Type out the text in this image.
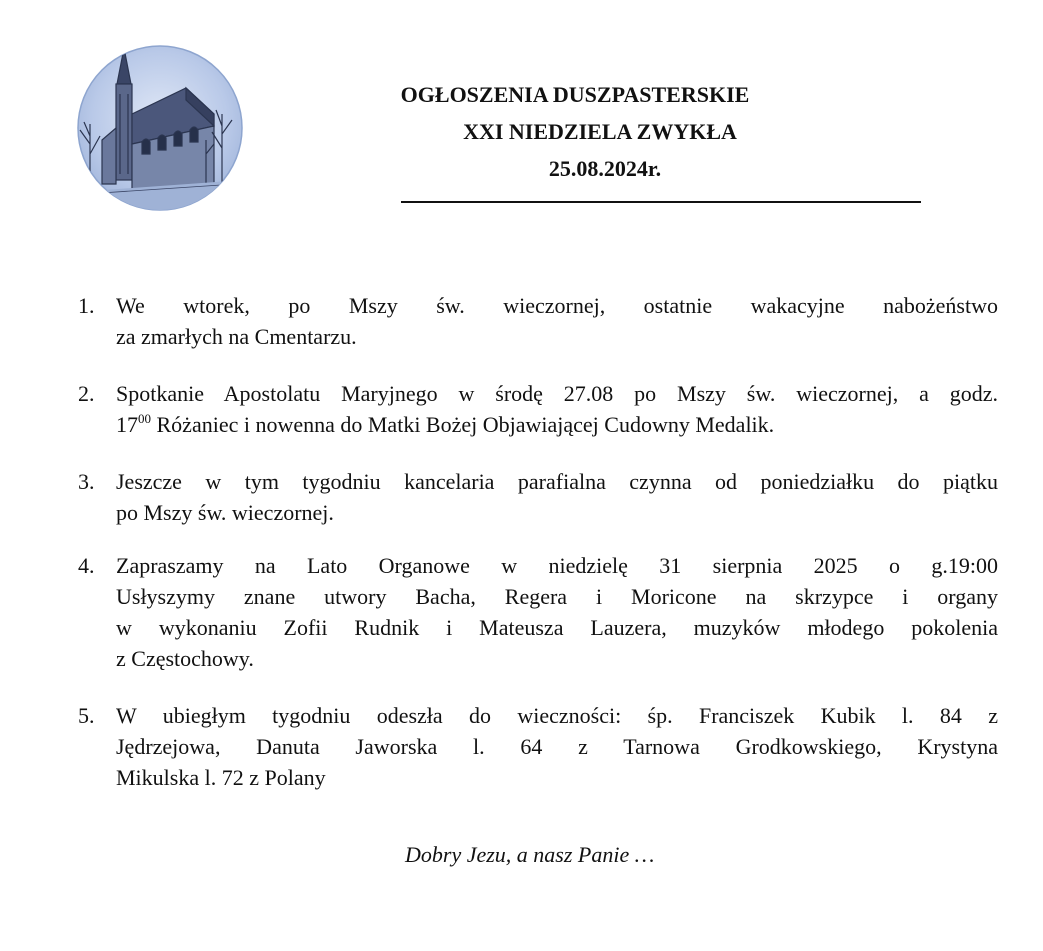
OGŁOSZENIA DUSZPASTERSKIE
XXI NIEDZIELA ZWYKŁA
25.08.2024r.
1. We wtorek, po Mszy św. wieczornej, ostatnie wakacyjne nabożeństwo
za zmarłych na Cmentarzu.
2. Spotkanie Apostolatu Maryjnego w środę 27.08 po Mszy św. wieczornej, a godz.
$17^{00}$ Różaniec i nowenna do Matki Bożej Objawiającej Cudowny Medalik.
3. Jeszcze w tym tygodniu kancelaria parafialna czynna od poniedziałku do piątku
po Mszy św. wieczornej.
4. Zapraszamy na Lato Organowe w niedzielę 31 sierpnia 2025 o g.19:00
Usłyszymy znane utwory Bacha, Regera i Moricone na skrzypce i organy
w wykonaniu Zofii Rudnik i Mateusza Lauzera, muzyków młodego pokolenia
z Częstochowy.
5. W ubiegłym tygodniu odeszła do wieczności: śp. Franciszek Kubik l. 84 z
Jędrzejowa, Danuta Jaworska l. 64 z Tarnowa Grodkowskiego, Krystyna
Mikulska l. 72 z Polany
Dobry Jezu, a nasz Panie …
